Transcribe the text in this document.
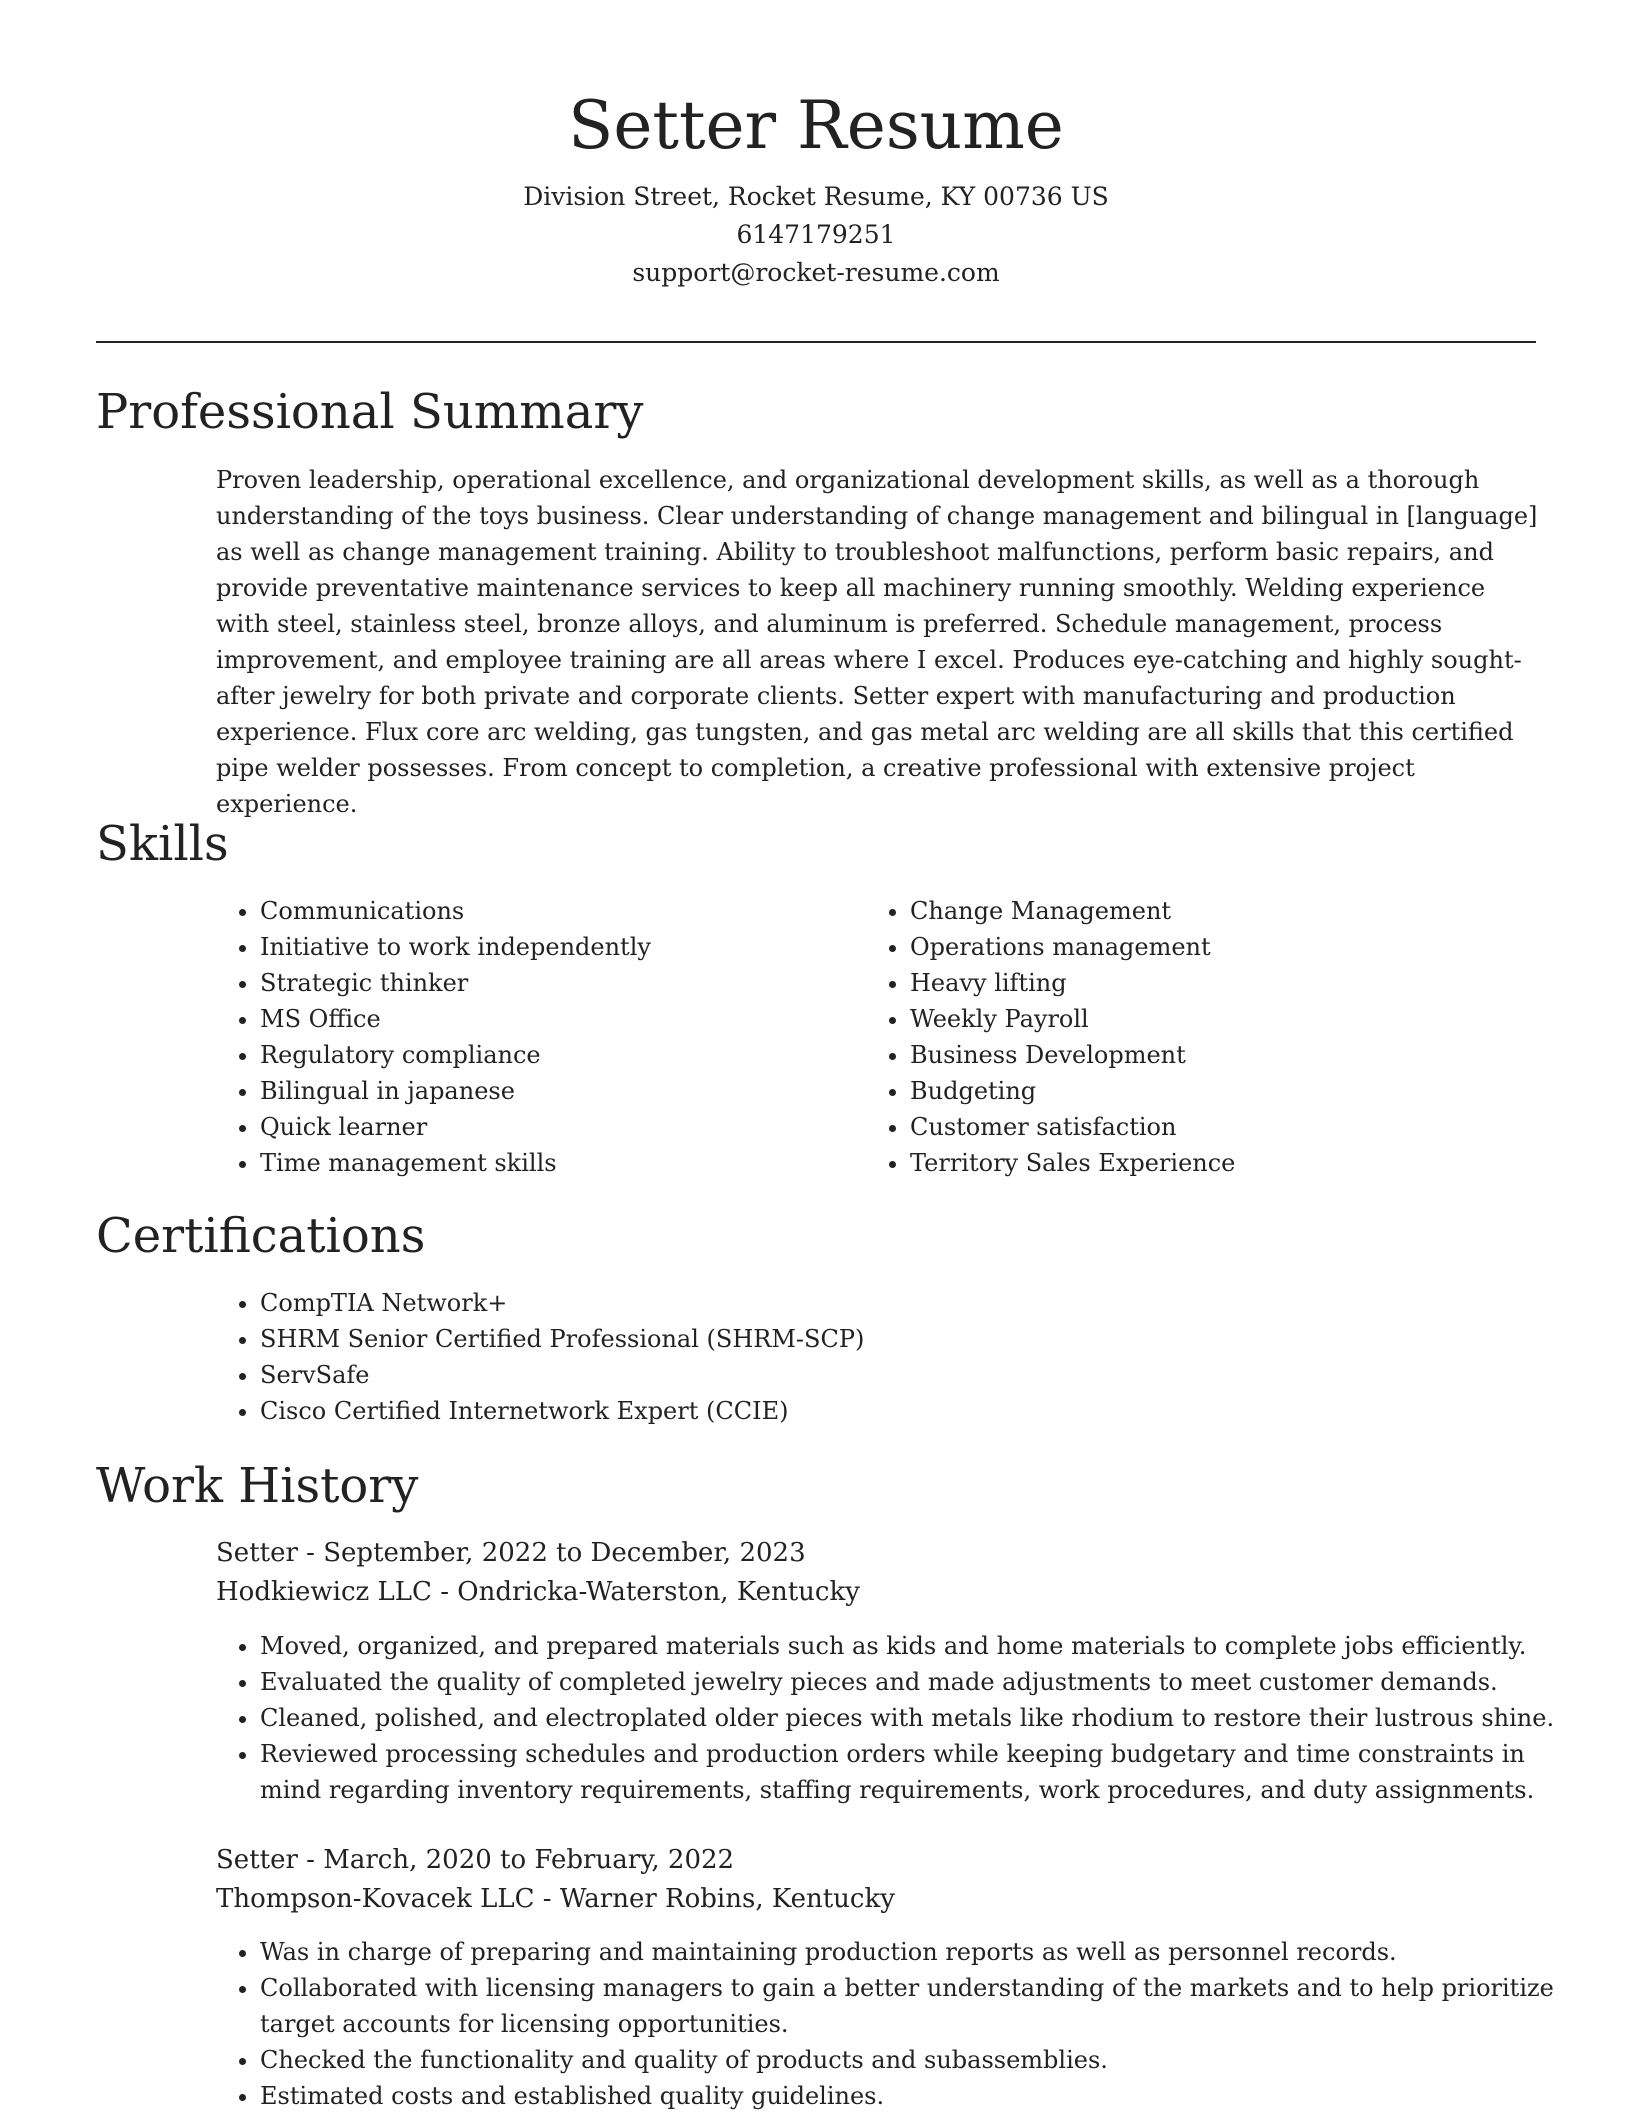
Setter Resume

Division Street, Rocket Resume, KY 00736 US

6147179251

support@rocket-resume.com

Professional Summary

Proven leadership, operational excellence, and organizational development skills, as well as a thorough understanding of the toys business. Clear understanding of change management and bilingual in [language] as well as change management training. Ability to troubleshoot malfunctions, perform basic repairs, and provide preventative maintenance services to keep all machinery running smoothly. Welding experience with steel, stainless steel, bronze alloys, and aluminum is preferred. Schedule management, process improvement, and employee training are all areas where I excel. Produces eye-catching and highly sought-after jewelry for both private and corporate clients. Setter expert with manufacturing and production experience. Flux core arc welding, gas tungsten, and gas metal arc welding are all skills that this certified pipe welder possesses. From concept to completion, a creative professional with extensive project experience.

Skills
• Communications
• Initiative to work independently
• Strategic thinker
• MS Office
• Regulatory compliance
• Bilingual in japanese
• Quick learner
• Time management skills
• Change Management
• Operations management
• Heavy lifting
• Weekly Payroll
• Business Development
• Budgeting
• Customer satisfaction
• Territory Sales Experience
Certifications
• CompTIA Network+
• SHRM Senior Certified Professional (SHRM-SCP)
• ServSafe
• Cisco Certified Internetwork Expert (CCIE)
Work History

Setter - September, 2022 to December, 2023

Hodkiewicz LLC - Ondricka-Waterston, Kentucky

• Moved, organized, and prepared materials such as kids and home materials to complete jobs efficiently.
• Evaluated the quality of completed jewelry pieces and made adjustments to meet customer demands.
• Cleaned, polished, and electroplated older pieces with metals like rhodium to restore their lustrous shine.
• Reviewed processing schedules and production orders while keeping budgetary and time constraints in mind regarding inventory requirements, staffing requirements, work procedures, and duty assignments.

Setter - March, 2020 to February, 2022

Thompson-Kovacek LLC - Warner Robins, Kentucky

• Was in charge of preparing and maintaining production reports as well as personnel records.
• Collaborated with licensing managers to gain a better understanding of the markets and to help prioritize target accounts for licensing opportunities.
• Checked the functionality and quality of products and subassemblies.
• Estimated costs and established quality guidelines.
